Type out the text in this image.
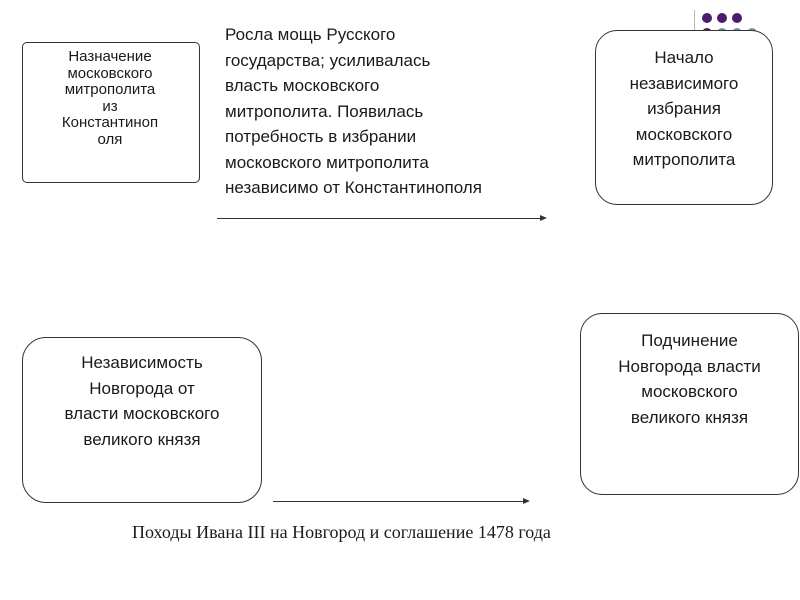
Назначение
московского
митрополита
из
Константиноп
оля
Росла мощь Русского
государства; усиливалась
власть московского
митрополита. Появилась
потребность в избрании
московского митрополита
независимо от Константинополя
Начало
независимого
избрания
московского
митрополита
Независимость
Новгорода от
власти московского
великого князя
Подчинение
Новгорода власти
московского
великого князя
Походы Ивана III на Новгород и соглашение 1478 года
